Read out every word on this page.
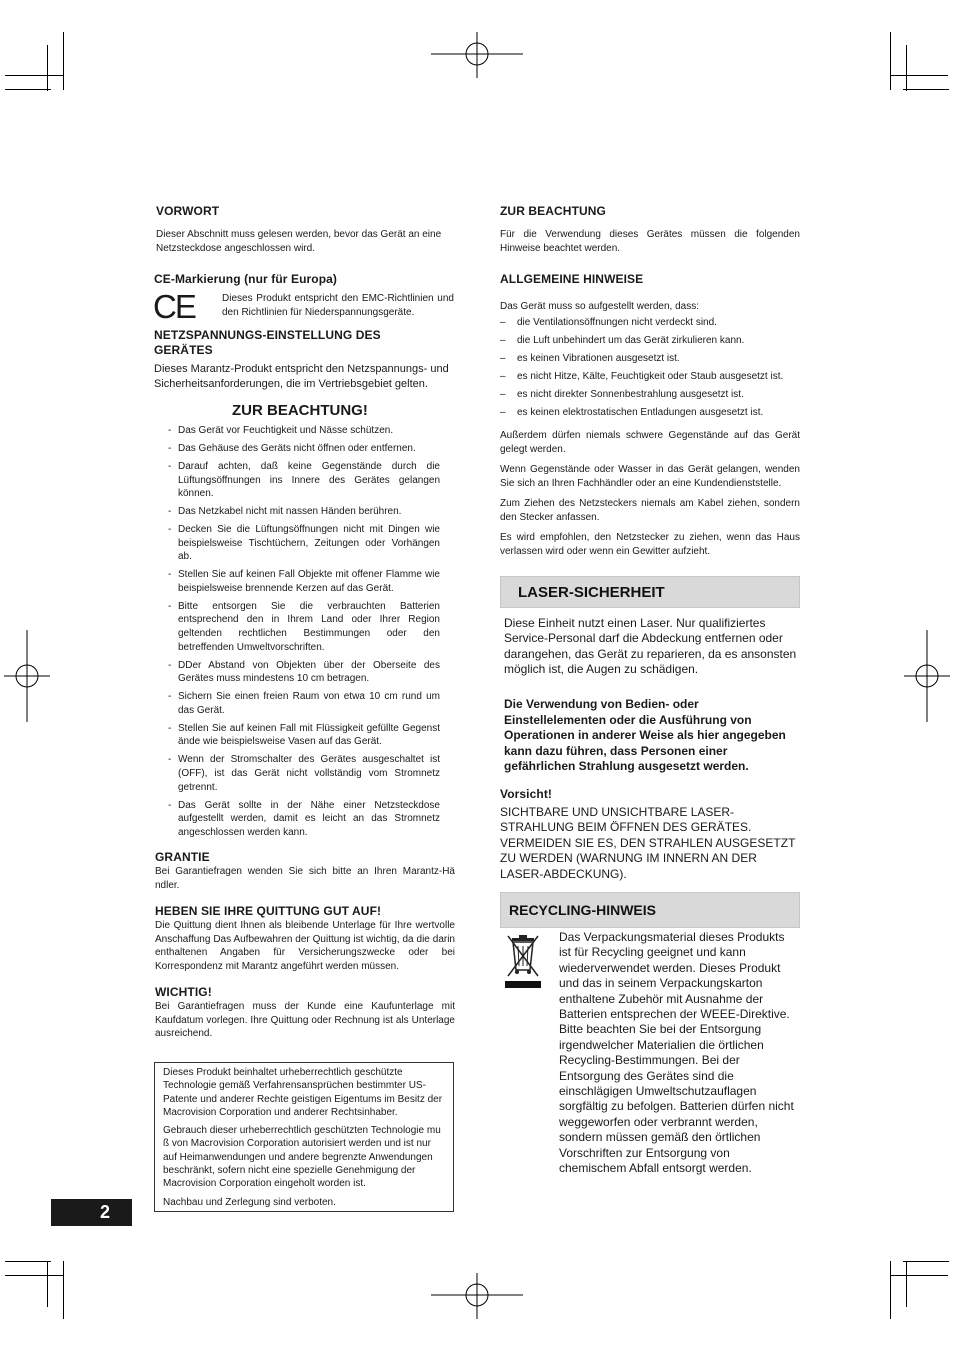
VORWORT
Dieser Abschnitt muss gelesen werden, bevor das Gerät an eine Netzsteckdose angeschlossen wird.
CE-Markierung (nur für Europa)
CE	Dieses Produkt entspricht den EMC-Richtlinien und den Richtlinien für Niederspannungsgeräte.
NETZSPANNUNGS-EINSTELLUNG DES GERÄTES
Dieses Marantz-Produkt entspricht den Netzspannungs- und Sicherheitsanforderungen, die im Vertriebsgebiet gelten.
ZUR BEACHTUNG!
- Das Gerät vor Feuchtigkeit und Nässe schützen.
- Das Gehäuse des Geräts nicht öffnen oder entfernen.
- Darauf achten, daß keine Gegenstände durch die Lüftungsöffnungen ins Innere des Gerätes gelangen können.
- Das Netzkabel nicht mit nassen Händen berühren.
- Decken Sie die Lüftungsöffnungen nicht mit Dingen wie beispielsweise Tischtüchern, Zeitungen oder Vorhängen ab.
- Stellen Sie auf keinen Fall Objekte mit offener Flamme wie beispielsweise brennende Kerzen auf das Gerät.
- Bitte entsorgen Sie die verbrauchten Batterien entsprechend den in Ihrem Land oder Ihrer Region geltenden rechtlichen Bestimmungen oder den betreffenden Umweltvorschriften.
- DDer Abstand von Objekten über der Oberseite des Gerätes muss mindestens 10 cm betragen.
- Sichern Sie einen freien Raum von etwa 10 cm rund um das Gerät.
- Stellen Sie auf keinen Fall mit Flüssigkeit gefüllte Gegenst ände wie beispielsweise Vasen auf das Gerät.
- Wenn der Stromschalter des Gerätes ausgeschaltet ist (OFF), ist das Gerät nicht vollständig vom Stromnetz getrennt.
- Das Gerät sollte in der Nähe einer Netzsteckdose aufgestellt werden, damit es leicht an das Stromnetz angeschlossen werden kann.
GRANTIE
Bei Garantiefragen wenden Sie sich bitte an Ihren Marantz-Hä ndler.
HEBEN SIE IHRE QUITTUNG GUT AUF!
Die Quittung dient Ihnen als bleibende Unterlage für Ihre wertvolle Anschaffung Das Aufbewahren der Quittung ist wichtig, da die darin enthaltenen Angaben für Versicherungszwecke oder bei Korrespondenz mit Marantz angeführt werden müssen.
WICHTIG!
Bei Garantiefragen muss der Kunde eine Kaufunterlage mit Kaufdatum vorlegen. Ihre Quittung oder Rechnung ist als Unterlage ausreichend.

Dieses Produkt beinhaltet urheberrechtlich geschützte Technologie gemäß Verfahrensansprüchen bestimmter US-Patente und anderer Rechte geistigen Eigentums im Besitz der Macrovision Corporation und anderer Rechtsinhaber.

Gebrauch dieser urheberrechtlich geschützten Technologie mu ß von Macrovision Corporation autorisiert werden und ist nur auf Heimanwendungen und andere begrenzte Anwendungen beschränkt, sofern nicht eine spezielle Genehmigung der Macrovision Corporation eingeholt worden ist.

Nachbau und Zerlegung sind verboten.

2
ZUR BEACHTUNG
Für die Verwendung dieses Gerätes müssen die folgenden Hinweise beachtet werden.
ALLGEMEINE HINWEISE
Das Gerät muss so aufgestellt werden, dass:
– die Ventilationsöffnungen nicht verdeckt sind.
– die Luft unbehindert um das Gerät zirkulieren kann.
– es keinen Vibrationen ausgesetzt ist.
– es nicht Hitze, Kälte, Feuchtigkeit oder Staub ausgesetzt ist.
– es nicht direkter Sonnenbestrahlung ausgesetzt ist.
– es keinen elektrostatischen Entladungen ausgesetzt ist.
Außerdem dürfen niemals schwere Gegenstände auf das Gerät gelegt werden.
Wenn Gegenstände oder Wasser in das Gerät gelangen, wenden Sie sich an Ihren Fachhändler oder an eine Kundendienststelle.
Zum Ziehen des Netzsteckers niemals am Kabel ziehen, sondern den Stecker anfassen.
Es wird empfohlen, den Netzstecker zu ziehen, wenn das Haus verlassen wird oder wenn ein Gewitter aufzieht.
LASER-SICHERHEIT
Diese Einheit nutzt einen Laser. Nur qualifiziertes Service-Personal darf die Abdeckung entfernen oder darangehen, das Gerät zu reparieren, da es ansonsten möglich ist, die Augen zu schädigen.
Die Verwendung von Bedien- oder Einstellelementen oder die Ausführung von Operationen in anderer Weise als hier angegeben kann dazu führen, dass Personen einer gefährlichen Strahlung ausgesetzt werden.
Vorsicht!
SICHTBARE UND UNSICHTBARE LASER-STRAHLUNG BEIM ÖFFNEN DES GERÄTES. VERMEIDEN SIE ES, DEN STRAHLEN AUSGESETZT ZU WERDEN (WARNUNG IM INNERN AN DER LASER-ABDECKUNG).
RECYCLING-HINWEIS
Das Verpackungsmaterial dieses Produkts ist für Recycling geeignet und kann wiederverwendet werden. Dieses Produkt und das in seinem Verpackungskarton enthaltene Zubehör mit Ausnahme der Batterien entsprechen der WEEE-Direktive. Bitte beachten Sie bei der Entsorgung irgendwelcher Materialien die örtlichen Recycling-Bestimmungen. Bei der Entsorgung des Gerätes sind die einschlägigen Umweltschutzauflagen sorgfältig zu befolgen. Batterien dürfen nicht weggeworfen oder verbrannt werden, sondern müssen gemäß den örtlichen Vorschriften zur Entsorgung von chemischem Abfall entsorgt werden.
